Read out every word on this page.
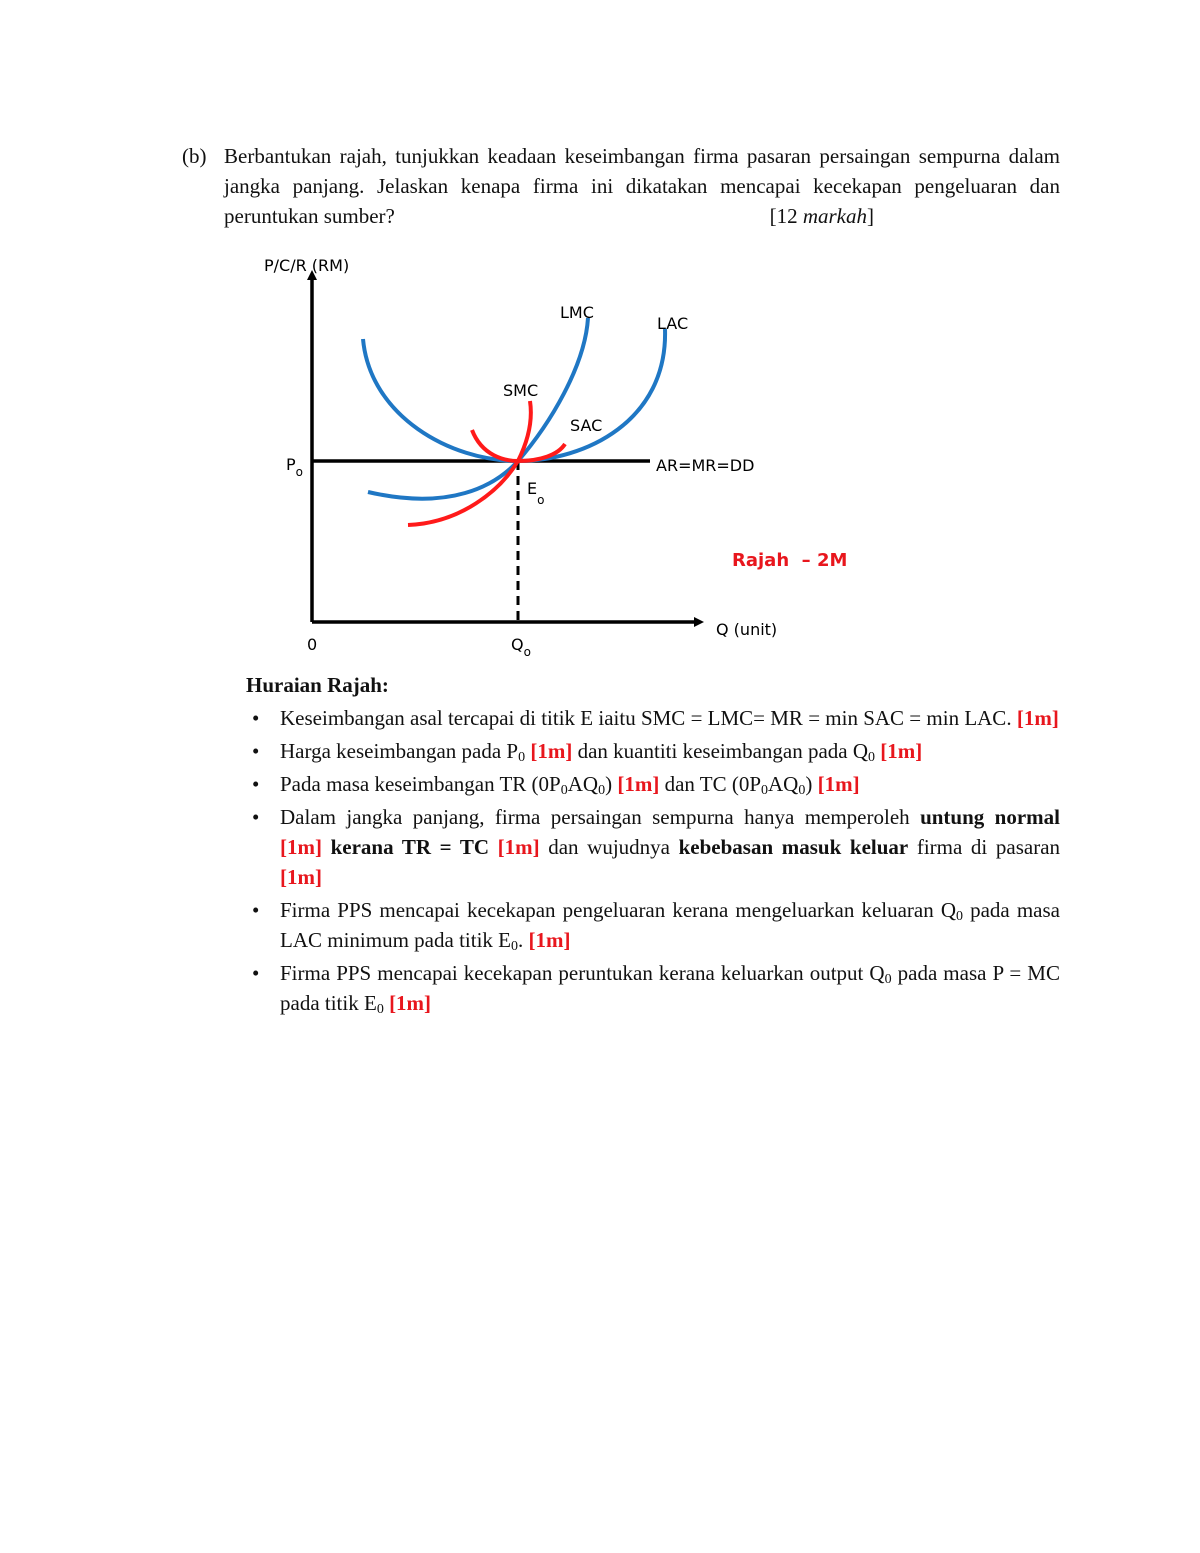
(b) Berbantukan rajah, tunjukkan keadaan keseimbangan firma pasaran persaingan sempurna dalam jangka panjang. Jelaskan kenapa firma ini dikatakan mencapai kecekapan pengeluaran dan peruntukan sumber?	[12 markah]
P/C/R (RM)
Q (unit)
0
$P_o$
$Q_o$
$E_o$
LMC
LAC
SMC
SAC
AR=MR=DD
Rajah  – 2M
Huraian Rajah:
• Keseimbangan asal tercapai di titik E iaitu SMC = LMC= MR = min SAC = min LAC. [1m]
• Harga keseimbangan pada $P_0$ [1m] dan kuantiti keseimbangan pada $Q_0$ [1m]
• Pada masa keseimbangan TR $(0P_0AQ_0)$ [1m] dan TC $(0P_0AQ_0)$ [1m]
• Dalam jangka panjang, firma persaingan sempurna hanya memperoleh untung normal [1m] kerana TR = TC [1m] dan wujudnya kebebasan masuk keluar firma di pasaran [1m]
• Firma PPS mencapai kecekapan pengeluaran kerana mengeluarkan keluaran $Q_0$ pada masa LAC minimum pada titik $E_0$. [1m]
• Firma PPS mencapai kecekapan peruntukan kerana keluarkan output $Q_0$ pada masa P = MC pada titik $E_0$ [1m]
